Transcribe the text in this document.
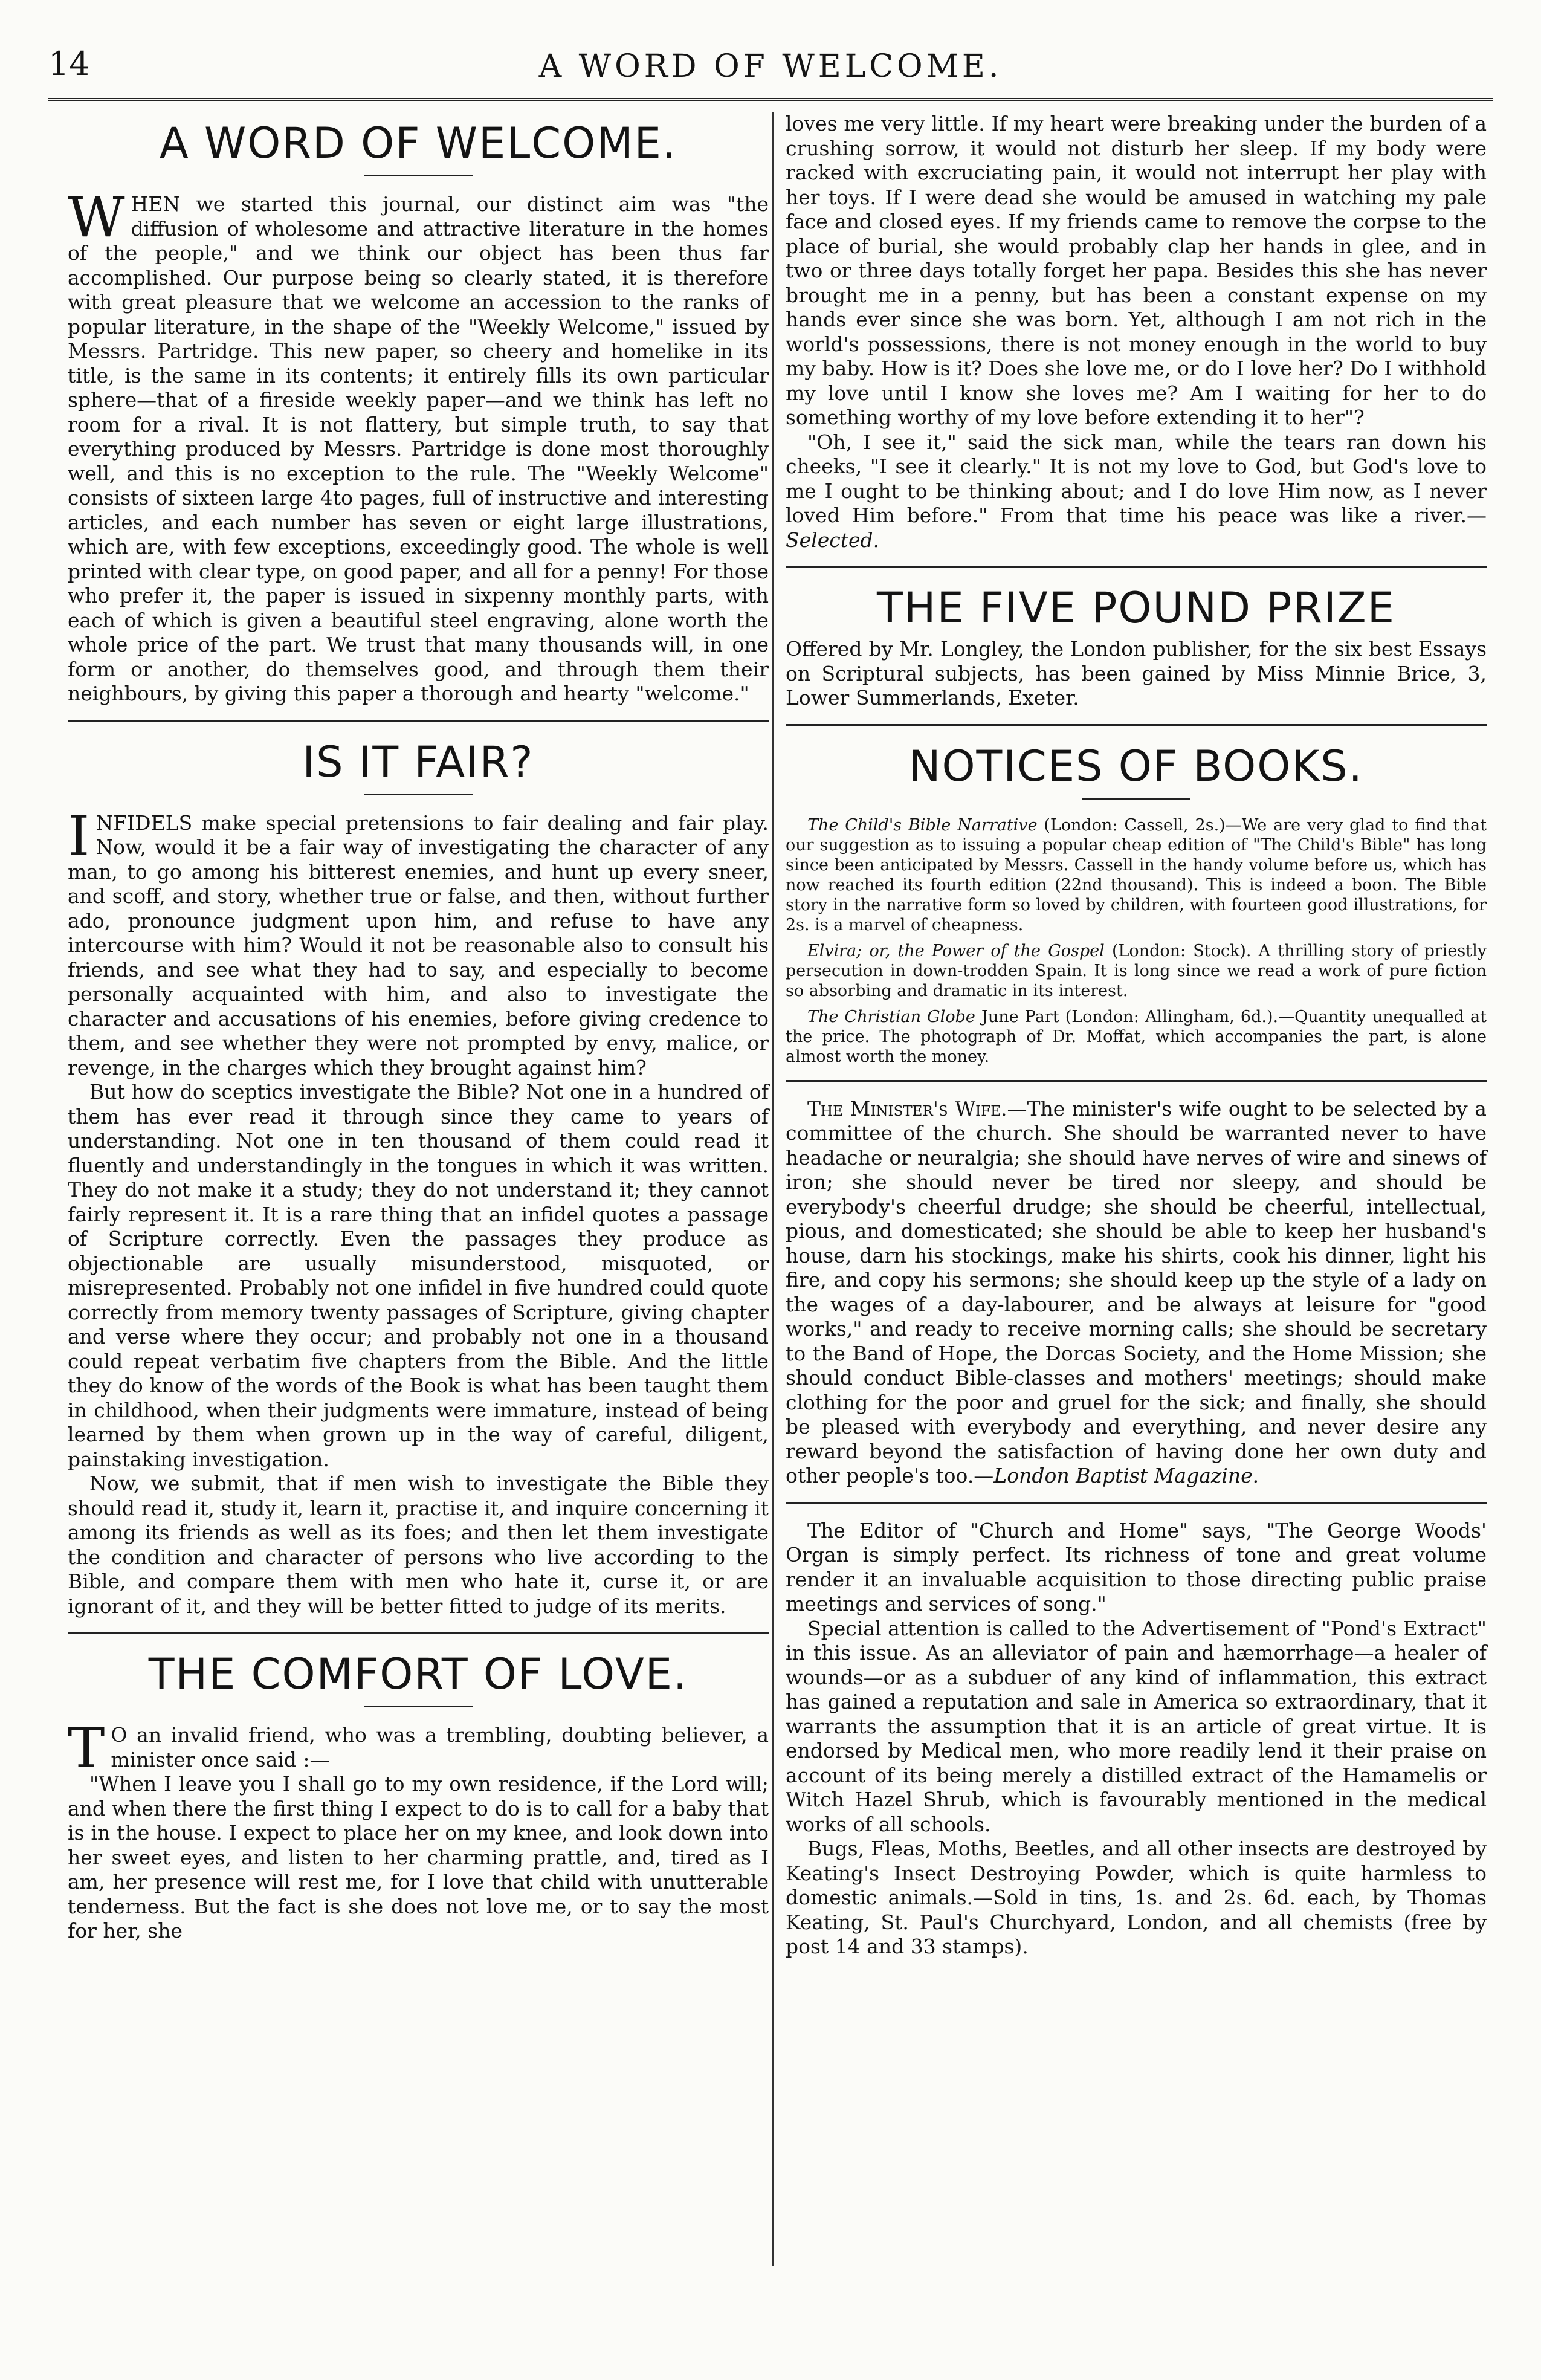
14	A WORD OF WELCOME.
A WORD OF WELCOME.

WHEN we started this journal, our distinct aim was "the diffusion of wholesome and attractive literature in the homes of the people," and we think our object has been thus far accomplished. Our purpose being so clearly stated, it is therefore with great pleasure that we welcome an accession to the ranks of popular literature, in the shape of the "Weekly Welcome," issued by Messrs. Partridge. This new paper, so cheery and homelike in its title, is the same in its contents; it entirely fills its own particular sphere—that of a fireside weekly paper—and we think has left no room for a rival. It is not flattery, but simple truth, to say that everything produced by Messrs. Partridge is done most thoroughly well, and this is no exception to the rule. The "Weekly Welcome" consists of sixteen large 4to pages, full of instructive and interesting articles, and each number has seven or eight large illustrations, which are, with few exceptions, exceedingly good. The whole is well printed with clear type, on good paper, and all for a penny! For those who prefer it, the paper is issued in sixpenny monthly parts, with each of which is given a beautiful steel engraving, alone worth the whole price of the part. We trust that many thousands will, in one form or another, do themselves good, and through them their neighbours, by giving this paper a thorough and hearty "welcome."

IS IT FAIR?

INFIDELS make special pretensions to fair dealing and fair play. Now, would it be a fair way of investigating the character of any man, to go among his bitterest enemies, and hunt up every sneer, and scoff, and story, whether true or false, and then, without further ado, pronounce judgment upon him, and refuse to have any intercourse with him? Would it not be reasonable also to consult his friends, and see what they had to say, and especially to become personally acquainted with him, and also to investigate the character and accusations of his enemies, before giving credence to them, and see whether they were not prompted by envy, malice, or revenge, in the charges which they brought against him?

But how do sceptics investigate the Bible? Not one in a hundred of them has ever read it through since they came to years of understanding. Not one in ten thousand of them could read it fluently and understandingly in the tongues in which it was written. They do not make it a study; they do not understand it; they cannot fairly represent it. It is a rare thing that an infidel quotes a passage of Scripture correctly. Even the passages they produce as objectionable are usually misunderstood, misquoted, or misrepresented. Probably not one infidel in five hundred could quote correctly from memory twenty passages of Scripture, giving chapter and verse where they occur; and probably not one in a thousand could repeat verbatim five chapters from the Bible. And the little they do know of the words of the Book is what has been taught them in childhood, when their judgments were immature, instead of being learned by them when grown up in the way of careful, diligent, painstaking investigation.

Now, we submit, that if men wish to investigate the Bible they should read it, study it, learn it, practise it, and inquire concerning it among its friends as well as its foes; and then let them investigate the condition and character of persons who live according to the Bible, and compare them with men who hate it, curse it, or are ignorant of it, and they will be better fitted to judge of its merits.

THE COMFORT OF LOVE.

T O an invalid friend, who was a trembling, doubting believer, a minister once said :—

"When I leave you I shall go to my own residence, if the Lord will; and when there the first thing I expect to do is to call for a baby that is in the house. I expect to place her on my knee, and look down into her sweet eyes, and listen to her charming prattle, and, tired as I am, her presence will rest me, for I love that child with unutterable tenderness. But the fact is she does not love me, or to say the most for her, she

loves me very little. If my heart were breaking under the burden of a crushing sorrow, it would not disturb her sleep. If my body were racked with excruciating pain, it would not interrupt her play with her toys. If I were dead she would be amused in watching my pale face and closed eyes. If my friends came to remove the corpse to the place of burial, she would probably clap her hands in glee, and in two or three days totally forget her papa. Besides this she has never brought me in a penny, but has been a constant expense on my hands ever since she was born. Yet, although I am not rich in the world's possessions, there is not money enough in the world to buy my baby. How is it? Does she love me, or do I love her? Do I withhold my love until I know she loves me? Am I waiting for her to do something worthy of my love before extending it to her"?

"Oh, I see it," said the sick man, while the tears ran down his cheeks, "I see it clearly." It is not my love to God, but God's love to me I ought to be thinking about; and I do love Him now, as I never loved Him before." From that time his peace was like a river.—Selected.

THE FIVE POUND PRIZE

Offered by Mr. Longley, the London publisher, for the six best Essays on Scriptural subjects, has been gained by Miss Minnie Brice, 3, Lower Summerlands, Exeter.

NOTICES OF BOOKS.

The Child's Bible Narrative (London: Cassell, 2s.)—We are very glad to find that our suggestion as to issuing a popular cheap edition of "The Child's Bible" has long since been anticipated by Messrs. Cassell in the handy volume before us, which has now reached its fourth edition (22nd thousand). This is indeed a boon. The Bible story in the narrative form so loved by children, with fourteen good illustrations, for 2s. is a marvel of cheapness.

Elvira; or, the Power of the Gospel (London: Stock). A thrilling story of priestly persecution in down-trodden Spain. It is long since we read a work of pure fiction so absorbing and dramatic in its interest.

The Christian Globe June Part (London: Allingham, 6d.).—Quantity unequalled at the price. The photograph of Dr. Moffat, which accompanies the part, is alone almost worth the money.

The Minister's Wife.—The minister's wife ought to be selected by a committee of the church. She should be warranted never to have headache or neuralgia; she should have nerves of wire and sinews of iron; she should never be tired nor sleepy, and should be everybody's cheerful drudge; she should be cheerful, intellectual, pious, and domesticated; she should be able to keep her husband's house, darn his stockings, make his shirts, cook his dinner, light his fire, and copy his sermons; she should keep up the style of a lady on the wages of a day-labourer, and be always at leisure for "good works," and ready to receive morning calls; she should be secretary to the Band of Hope, the Dorcas Society, and the Home Mission; she should conduct Bible-classes and mothers' meetings; should make clothing for the poor and gruel for the sick; and finally, she should be pleased with everybody and everything, and never desire any reward beyond the satisfaction of having done her own duty and other people's too.—London Baptist Magazine.

The Editor of "Church and Home" says, "The George Woods' Organ is simply perfect. Its richness of tone and great volume render it an invaluable acquisition to those directing public praise meetings and services of song."

Special attention is called to the Advertisement of "Pond's Extract" in this issue. As an alleviator of pain and hæmorrhage—a healer of wounds—or as a subduer of any kind of inflammation, this extract has gained a reputation and sale in America so extraordinary, that it warrants the assumption that it is an article of great virtue. It is endorsed by Medical men, who more readily lend it their praise on account of its being merely a distilled extract of the Hamamelis or Witch Hazel Shrub, which is favourably mentioned in the medical works of all schools.

Bugs, Fleas, Moths, Beetles, and all other insects are destroyed by Keating's Insect Destroying Powder, which is quite harmless to domestic animals.—Sold in tins, 1s. and 2s. 6d. each, by Thomas Keating, St. Paul's Churchyard, London, and all chemists (free by post 14 and 33 stamps).
